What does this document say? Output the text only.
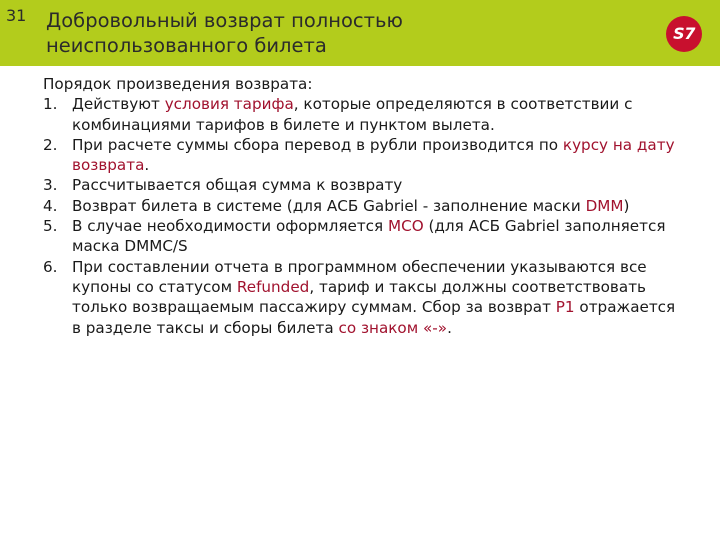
31 Добровольный возврат полностью
неиспользованного билета
S7

Порядок произведения возврата:

1. Действуют условия тарифа, которые определяются в соответствии с комбинациями тарифов в билете и пунктом вылета.
2. При расчете суммы сбора перевод в рубли производится по курсу на дату возврата.
3. Рассчитывается общая сумма к возврату
4. Возврат билета в системе (для АСБ Gabriel - заполнение маски DMM)
5. В случае необходимости оформляется MCO (для АСБ Gabriel заполняется маска DMMC/S
6. При составлении отчета в программном обеспечении указываются все купоны со статусом Refunded, тариф и таксы должны соответствовать только возвращаемым пассажиру суммам. Сбор за возврат P1 отражается в разделе таксы и сборы билета со знаком «-».
